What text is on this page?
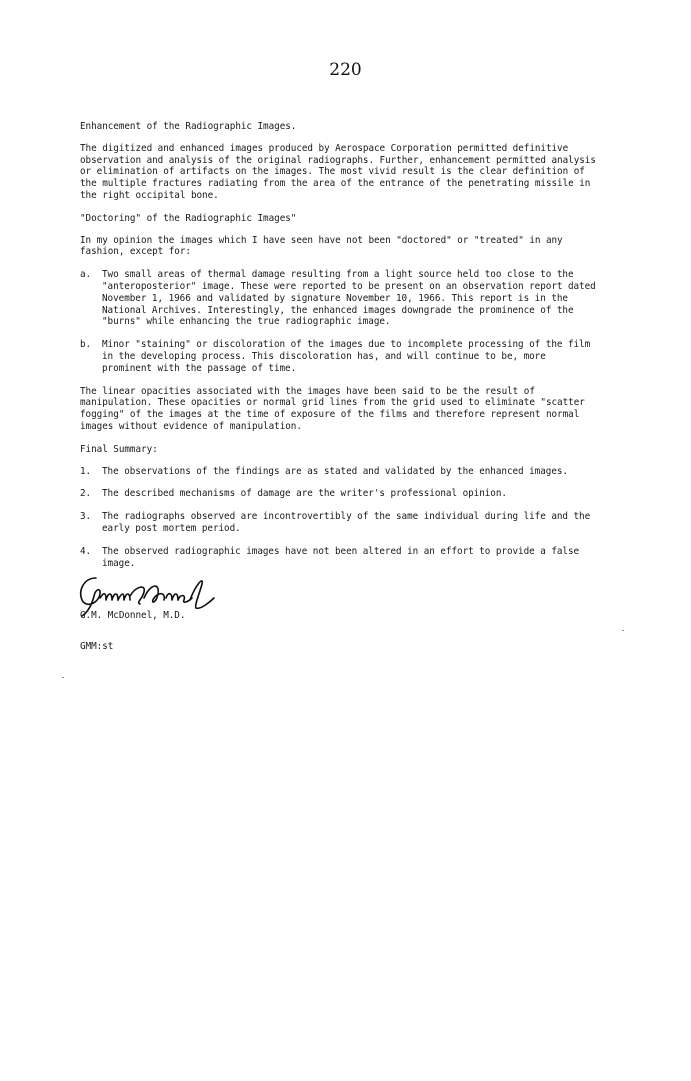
220

Enhancement of the Radiographic Images.

The digitized and enhanced images produced by Aerospace Corporation permitted definitive observation and analysis of the original radiographs. Further, enhancement permitted analysis or elimination of artifacts on the images. The most vivid result is the clear definition of the multiple fractures radiating from the area of the entrance of the penetrating missile in the right occipital bone.

"Doctoring" of the Radiographic Images"

In my opinion the images which I have seen have not been "doctored" or "treated" in any fashion, except for:

a.	Two small areas of thermal damage resulting from a light source held too close to the "anteroposterior" image. These were reported to be present on an observation report dated November 1, 1966 and validated by signature November 10, 1966. This report is in the National Archives. Interestingly, the enhanced images downgrade the prominence of the "burns" while enhancing the true radiographic image.
b.	Minor "staining" or discoloration of the images due to incomplete processing of the film in the developing process. This discoloration has, and will continue to be, more prominent with the passage of time.

The linear opacities associated with the images have been said to be the result of manipulation. These opacities or normal grid lines from the grid used to eliminate "scatter fogging" of the images at the time of exposure of the films and therefore represent normal images without evidence of manipulation.

Final Summary:

1.	The observations of the findings are as stated and validated by the enhanced images.
2.	The described mechanisms of damage are the writer's professional opinion.
3.	The radiographs observed are incontrovertibly of the same individual during life and the early post mortem period.
4.	The observed radiographic images have not been altered in an effort to provide a false image.
G.M. McDonnel, M.D.
GMM:st
